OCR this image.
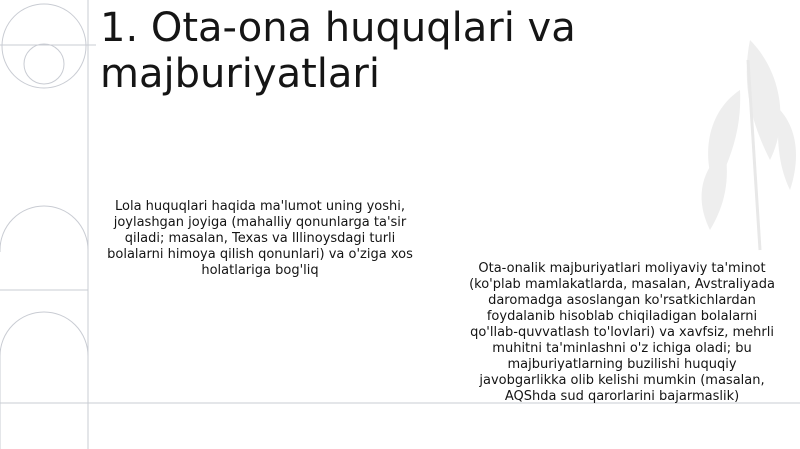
1. Ota-ona huquqlari va majburiyatlari

Lola huquqlari haqida ma'lumot uning yoshi, joylashgan joyiga (mahalliy qonunlarga ta'sir qiladi; masalan, Texas va Illinoysdagi turli bolalarni himoya qilish qonunlari) va o'ziga xos holatlariga bog'liq	Ota-onalik majburiyatlari moliyaviy ta'minot (ko'plab mamlakatlarda, masalan, Avstraliyada daromadga asoslangan ko'rsatkichlardan foydalanib hisoblab chiqiladigan bolalarni qo'llab-quvvatlash to'lovlari) va xavfsiz, mehrli muhitni ta'minlashni o'z ichiga oladi; bu majburiyatlarning buzilishi huquqiy javobgarlikka olib kelishi mumkin (masalan, AQShda sud qarorlarini bajarmaslik)
